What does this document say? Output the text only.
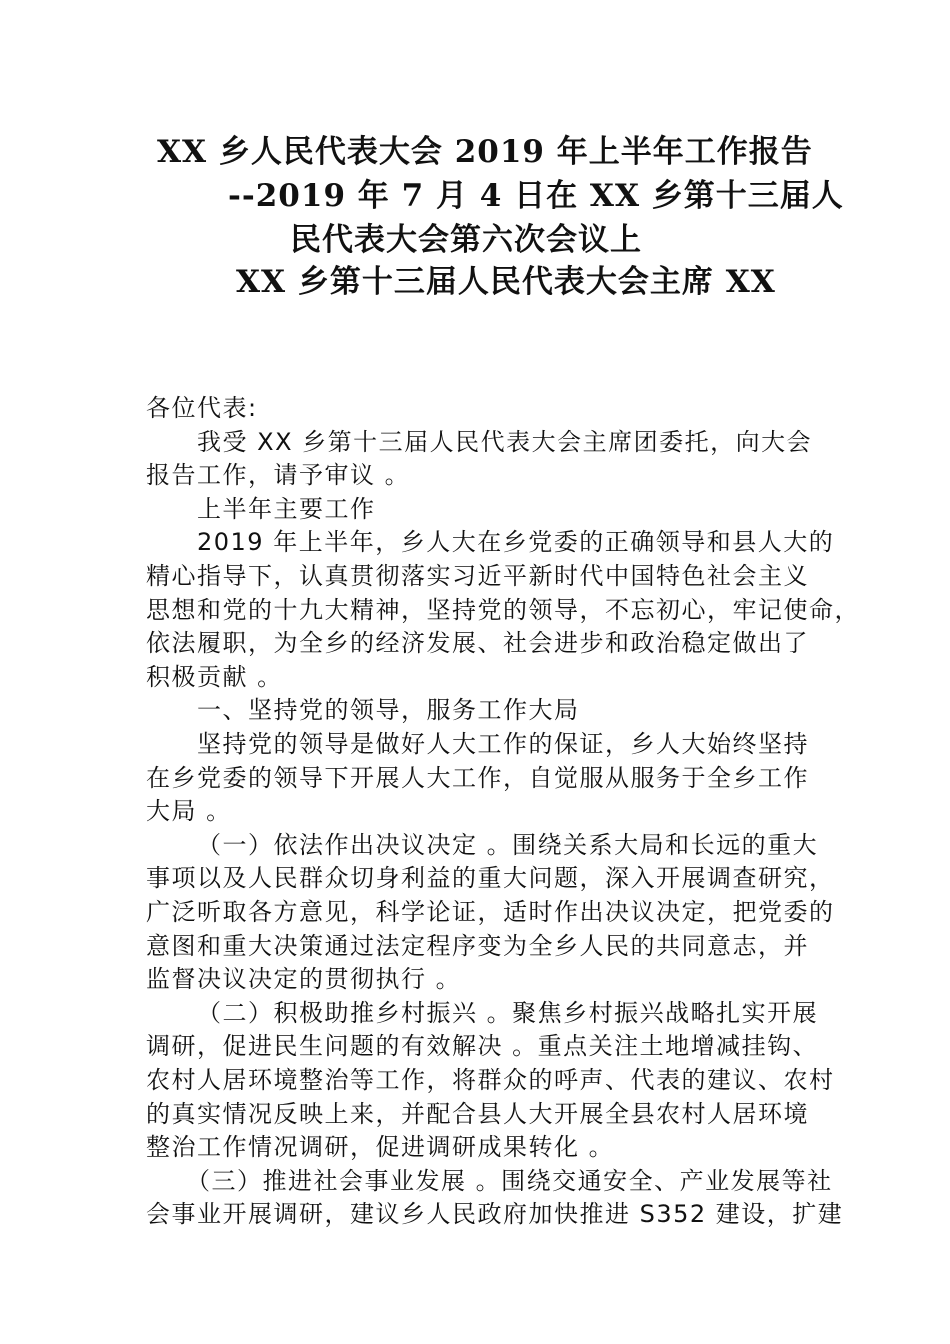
XX 乡人民代表大会 2019 年上半年工作报告
--2019 年 7 月 4 日在 XX 乡第十三届人
民代表大会第六次会议上
XX 乡第十三届人民代表大会主席 XX
各位代表:
我受 XX 乡第十三届人民代表大会主席团委托，向大会
报告工作，请予审议 。
上半年主要工作
2019 年上半年，乡人大在乡党委的正确领导和县人大的
精心指导下，认真贯彻落实习近平新时代中国特色社会主义
思想和党的十九大精神，坚持党的领导，不忘初心，牢记使命，
依法履职，为全乡的经济发展、社会进步和政治稳定做出了
积极贡献 。
一、坚持党的领导，服务工作大局
坚持党的领导是做好人大工作的保证，乡人大始终坚持
在乡党委的领导下开展人大工作，自觉服从服务于全乡工作
大局 。
（一）依法作出决议决定 。围绕关系大局和长远的重大
事项以及人民群众切身利益的重大问题，深入开展调查研究，
广泛听取各方意见，科学论证，适时作出决议决定，把党委的
意图和重大决策通过法定程序变为全乡人民的共同意志，并
监督决议决定的贯彻执行 。
（二）积极助推乡村振兴 。聚焦乡村振兴战略扎实开展
调研，促进民生问题的有效解决 。重点关注土地增减挂钩、
农村人居环境整治等工作，将群众的呼声、代表的建议、农村
的真实情况反映上来，并配合县人大开展全县农村人居环境
整治工作情况调研，促进调研成果转化 。
（三）推进社会事业发展 。围绕交通安全、产业发展等社
会事业开展调研，建议乡人民政府加快推进 S352 建设，扩建
